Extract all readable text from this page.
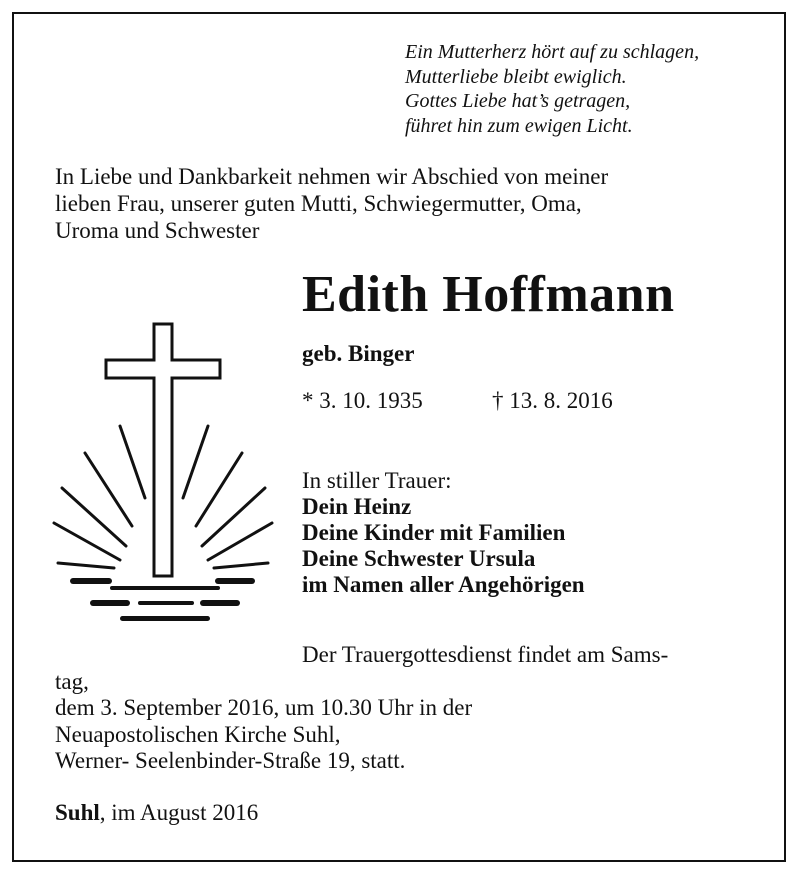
Ein Mutterherz hört auf zu schlagen,
Mutterliebe bleibt ewiglich.
Gottes Liebe hat’s getragen,
führet hin zum ewigen Licht.
In Liebe und Dankbarkeit nehmen wir Abschied von meiner
lieben Frau, unserer guten Mutti, Schwiegermutter, Oma,
Uroma und Schwester
Edith Hoffmann
geb. Binger
* 3. 10. 1935	† 13. 8. 2016
In stiller Trauer:
Dein Heinz
Deine Kinder mit Familien
Deine Schwester Ursula
im Namen aller Angehörigen
Der Trauergottesdienst findet am Sams-
tag,
dem 3. September 2016, um 10.30 Uhr in der
Neuapostolischen Kirche Suhl,
Werner- Seelenbinder-Straße 19, statt.
Suhl, im August 2016
